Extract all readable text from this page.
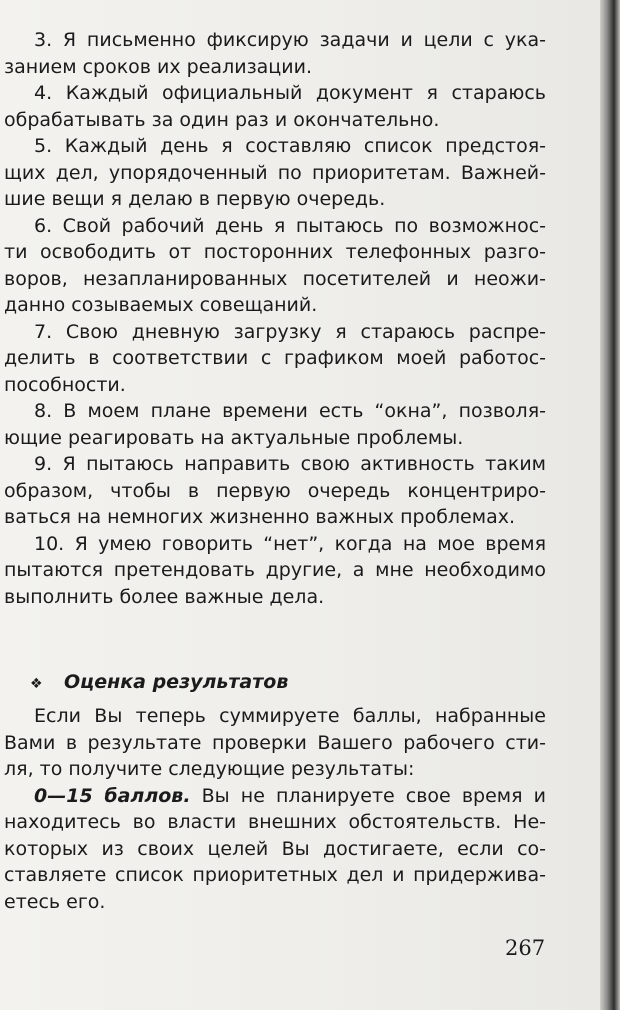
3. Я письменно фиксирую задачи и цели с ука-
занием сроков их реализации.
4. Каждый официальный документ я стараюсь
обрабатывать за один раз и окончательно.
5. Каждый день я составляю список предстоя-
щих дел, упорядоченный по приоритетам. Важней-
шие вещи я делаю в первую очередь.
6. Свой рабочий день я пытаюсь по возможнос-
ти освободить от посторонних телефонных разго-
воров, незапланированных посетителей и неожи-
данно созываемых совещаний.
7. Свою дневную загрузку я стараюсь распре-
делить в соответствии с графиком моей работос-
пособности.
8. В моем плане времени есть “окна”, позволя-
ющие реагировать на актуальные проблемы.
9. Я пытаюсь направить свою активность таким
образом, чтобы в первую очередь концентриро-
ваться на немногих жизненно важных проблемах.
10. Я умею говорить “нет”, когда на мое время
пытаются претендовать другие, а мне необходимо
выполнить более важные дела.
❖ Оценка результатов
Если Вы теперь суммируете баллы, набранные
Вами в результате проверки Вашего рабочего сти-
ля, то получите следующие результаты:
0—15 баллов. Вы не планируете свое время и
находитесь во власти внешних обстоятельств. Не-
которых из своих целей Вы достигаете, если со-
ставляете список приоритетных дел и придержива-
етесь его.
267
